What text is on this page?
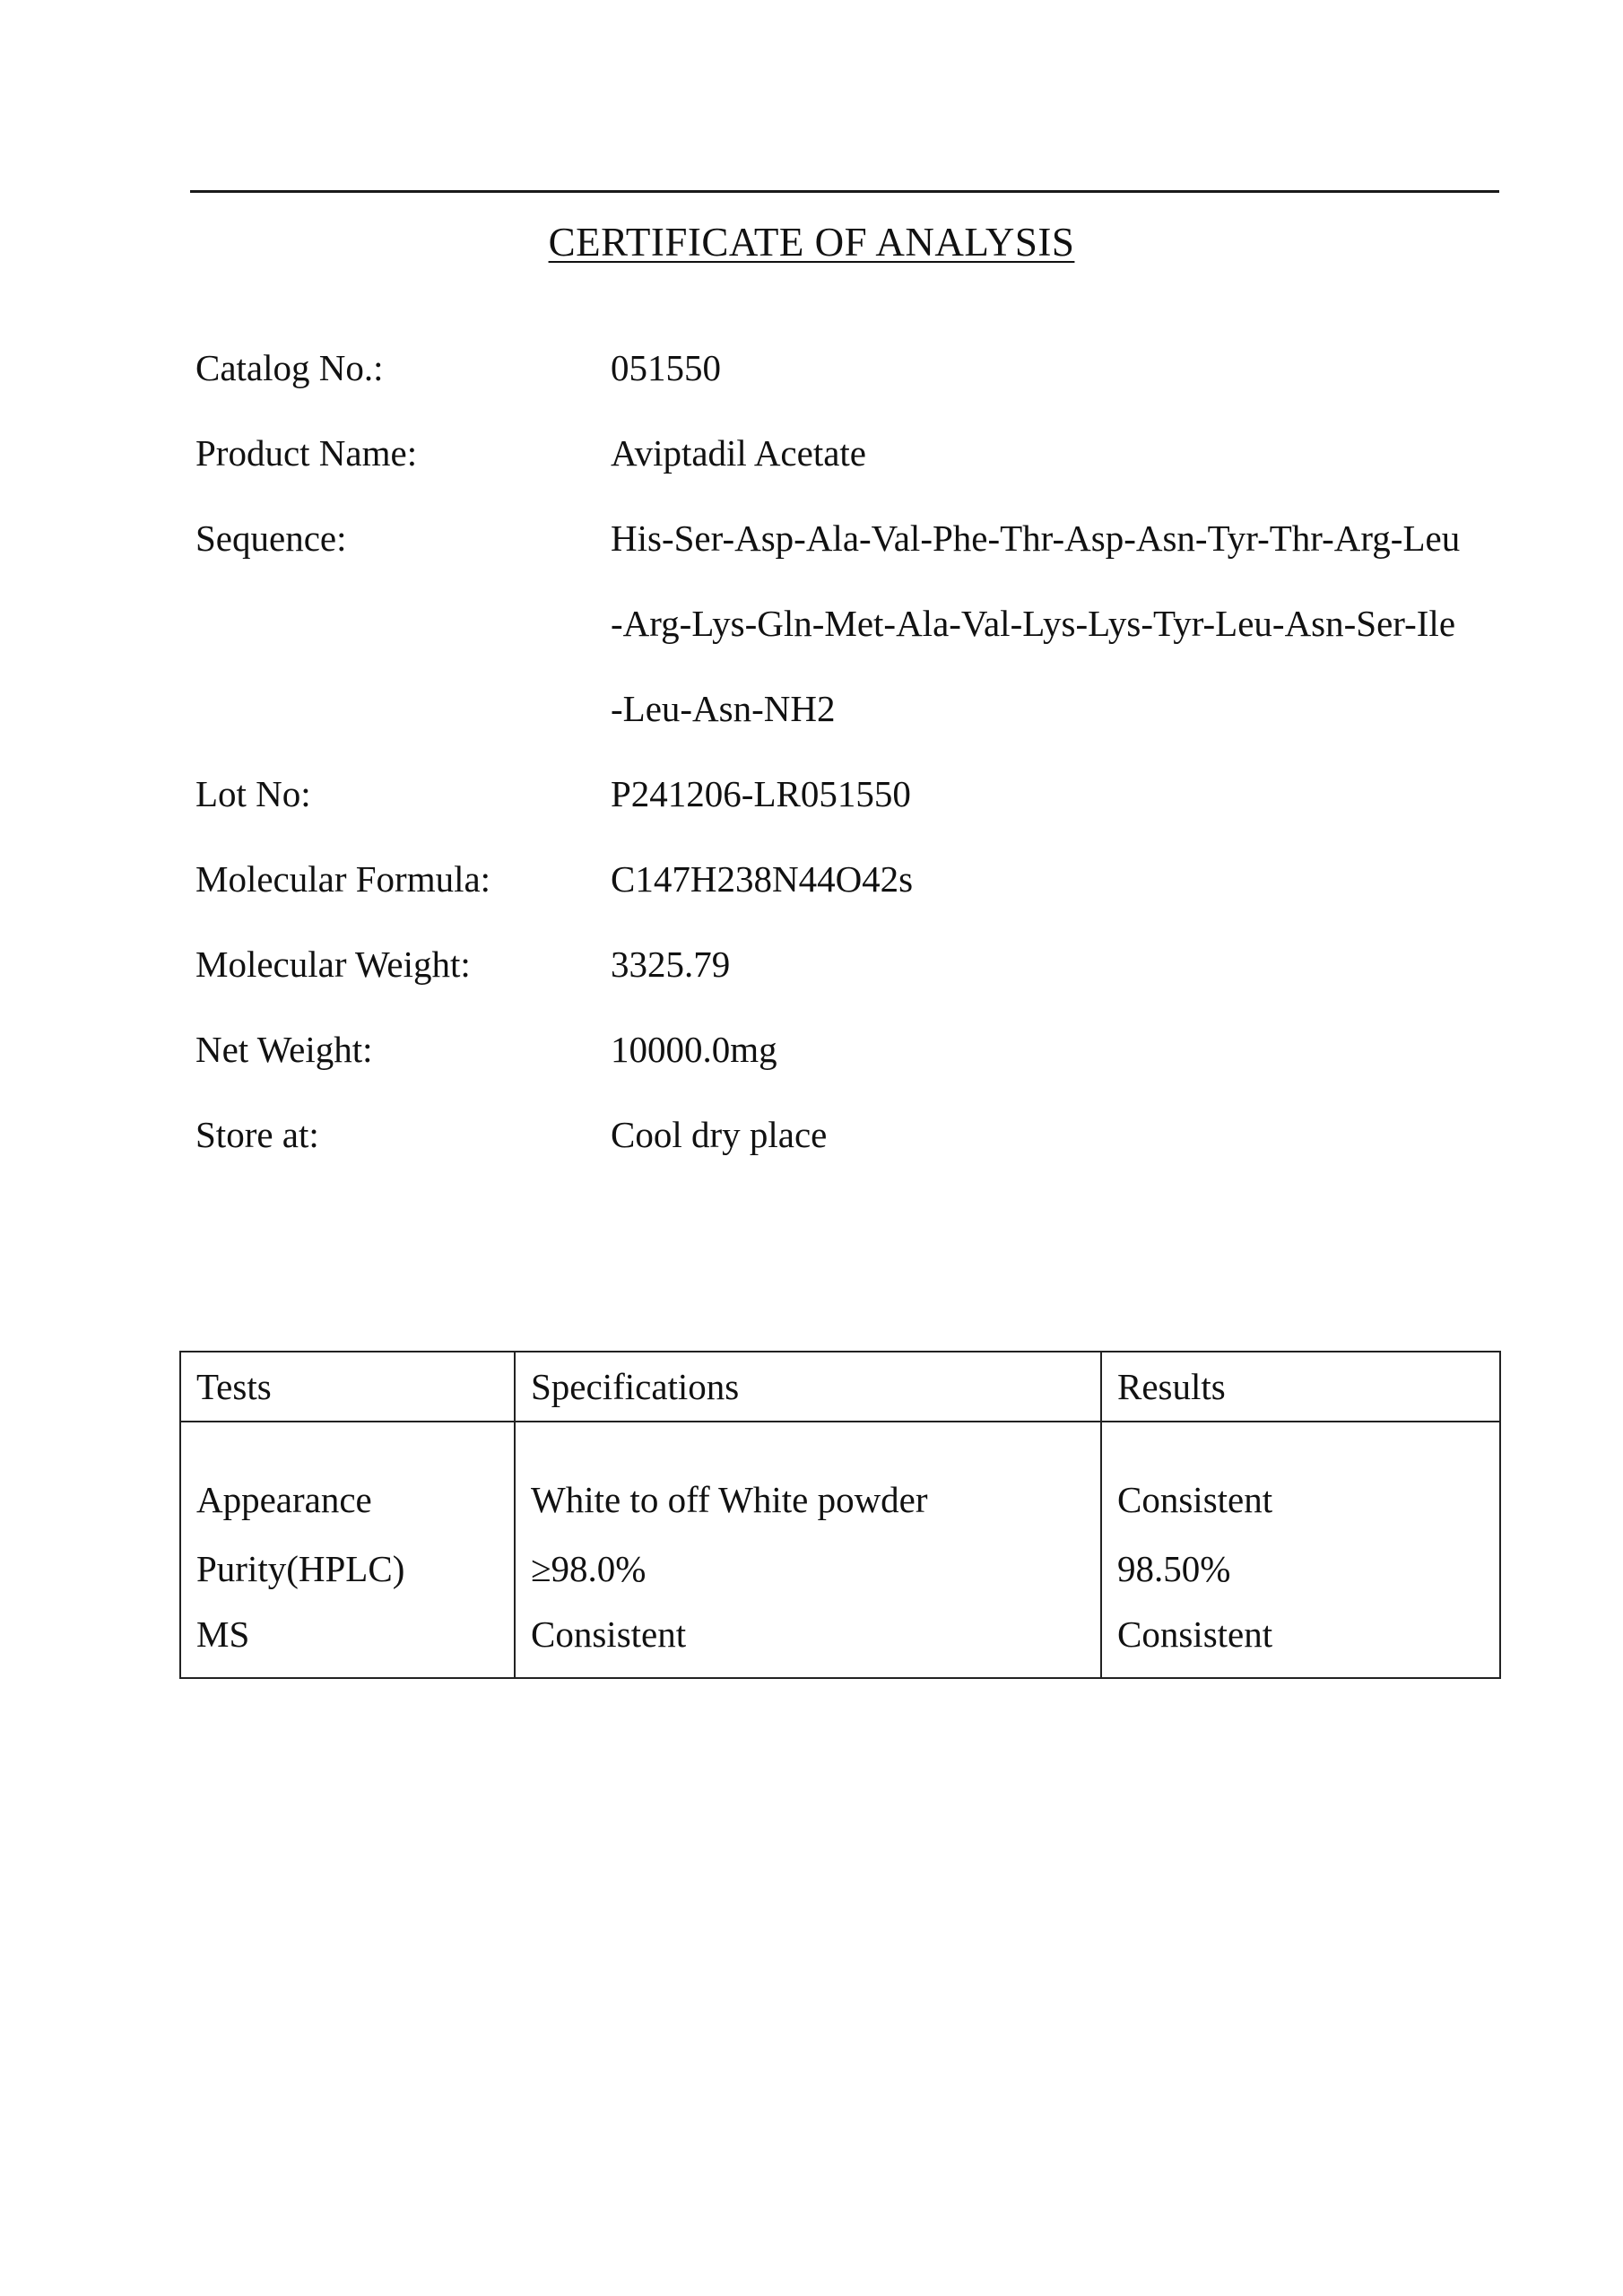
CERTIFICATE OF ANALYSIS
Catalog No.:	051550
Product Name:	Aviptadil Acetate
Sequence:	His-Ser-Asp-Ala-Val-Phe-Thr-Asp-Asn-Tyr-Thr-Arg-Leu
-Arg-Lys-Gln-Met-Ala-Val-Lys-Lys-Tyr-Leu-Asn-Ser-Ile
-Leu-Asn-NH2
Lot No:	P241206-LR051550
Molecular Formula:	C147H238N44O42s
Molecular Weight:	3325.79
Net Weight:	10000.0mg
Store at:	Cool dry place
Tests	Specifications	Results
Appearance	White to off White powder	Consistent
Purity(HPLC)	≥98.0%	98.50%
MS	Consistent	Consistent
